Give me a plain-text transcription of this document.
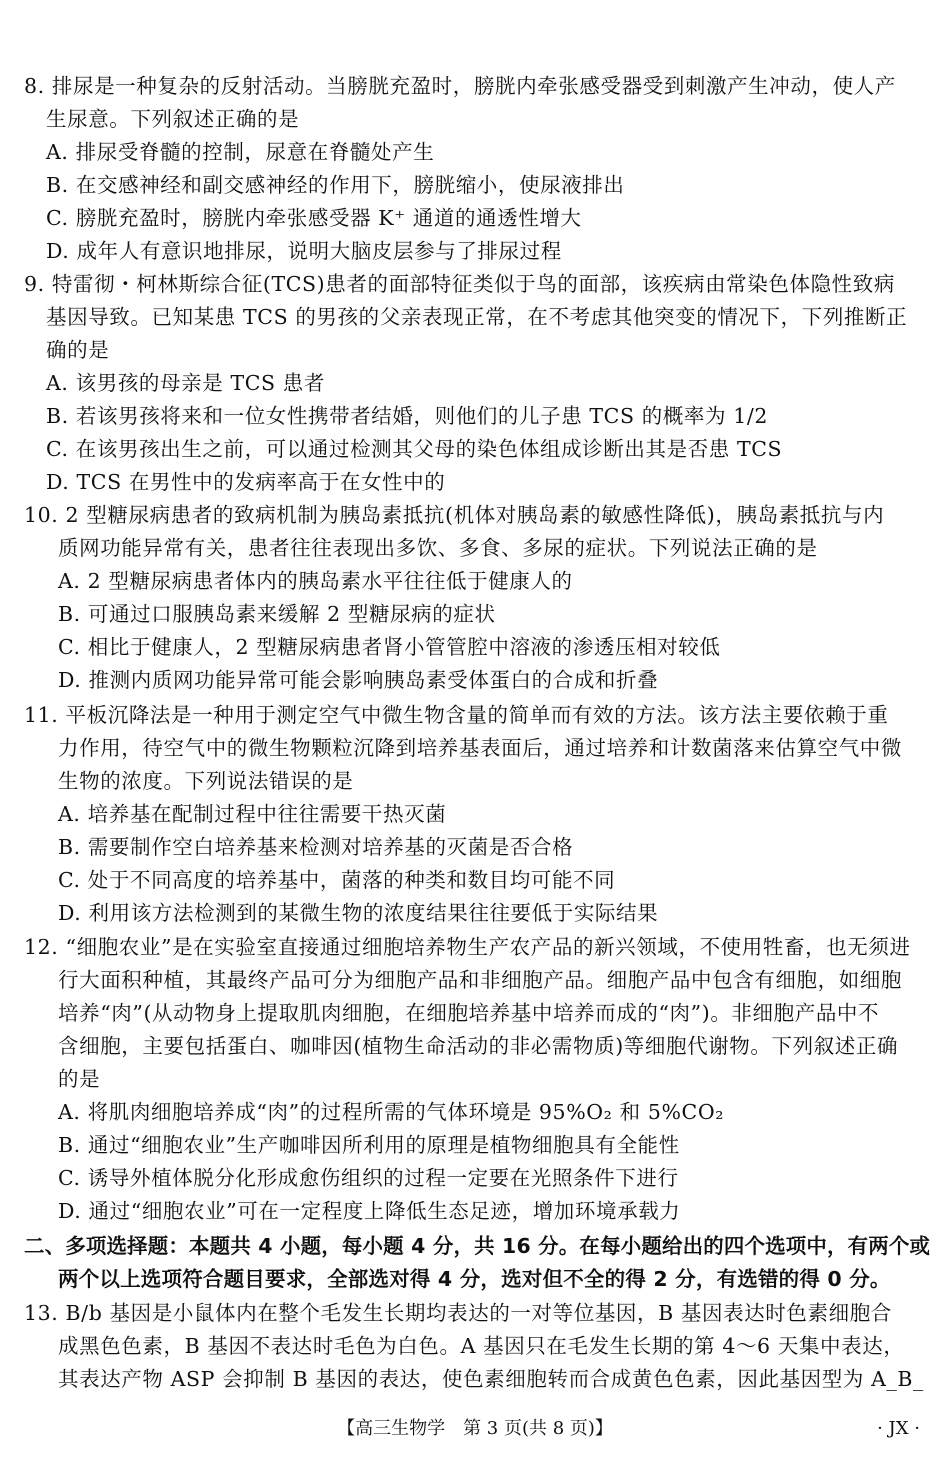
8. 排尿是一种复杂的反射活动。当膀胱充盈时，膀胱内牵张感受器受到刺激产生冲动，使人产
生尿意。下列叙述正确的是
A. 排尿受脊髓的控制，尿意在脊髓处产生
B. 在交感神经和副交感神经的作用下，膀胱缩小，使尿液排出
C. 膀胱充盈时，膀胱内牵张感受器 K⁺ 通道的通透性增大
D. 成年人有意识地排尿，说明大脑皮层参与了排尿过程
9. 特雷彻・柯林斯综合征(TCS)患者的面部特征类似于鸟的面部，该疾病由常染色体隐性致病
基因导致。已知某患 TCS 的男孩的父亲表现正常，在不考虑其他突变的情况下，下列推断正
确的是
A. 该男孩的母亲是 TCS 患者
B. 若该男孩将来和一位女性携带者结婚，则他们的儿子患 TCS 的概率为 1/2
C. 在该男孩出生之前，可以通过检测其父母的染色体组成诊断出其是否患 TCS
D. TCS 在男性中的发病率高于在女性中的
10. 2 型糖尿病患者的致病机制为胰岛素抵抗(机体对胰岛素的敏感性降低)，胰岛素抵抗与内
质网功能异常有关，患者往往表现出多饮、多食、多尿的症状。下列说法正确的是
A. 2 型糖尿病患者体内的胰岛素水平往往低于健康人的
B. 可通过口服胰岛素来缓解 2 型糖尿病的症状
C. 相比于健康人，2 型糖尿病患者肾小管管腔中溶液的渗透压相对较低
D. 推测内质网功能异常可能会影响胰岛素受体蛋白的合成和折叠
11. 平板沉降法是一种用于测定空气中微生物含量的简单而有效的方法。该方法主要依赖于重
力作用，待空气中的微生物颗粒沉降到培养基表面后，通过培养和计数菌落来估算空气中微
生物的浓度。下列说法错误的是
A. 培养基在配制过程中往往需要干热灭菌
B. 需要制作空白培养基来检测对培养基的灭菌是否合格
C. 处于不同高度的培养基中，菌落的种类和数目均可能不同
D. 利用该方法检测到的某微生物的浓度结果往往要低于实际结果
12. “细胞农业”是在实验室直接通过细胞培养物生产农产品的新兴领域，不使用牲畜，也无须进
行大面积种植，其最终产品可分为细胞产品和非细胞产品。细胞产品中包含有细胞，如细胞
培养“肉”(从动物身上提取肌肉细胞，在细胞培养基中培养而成的“肉”)。非细胞产品中不
含细胞，主要包括蛋白、咖啡因(植物生命活动的非必需物质)等细胞代谢物。下列叙述正确
的是
A. 将肌肉细胞培养成“肉”的过程所需的气体环境是 95%O₂ 和 5%CO₂
B. 通过“细胞农业”生产咖啡因所利用的原理是植物细胞具有全能性
C. 诱导外植体脱分化形成愈伤组织的过程一定要在光照条件下进行
D. 通过“细胞农业”可在一定程度上降低生态足迹，增加环境承载力
二、多项选择题：本题共 4 小题，每小题 4 分，共 16 分。在每小题给出的四个选项中，有两个或
两个以上选项符合题目要求，全部选对得 4 分，选对但不全的得 2 分，有选错的得 0 分。
13. B/b 基因是小鼠体内在整个毛发生长期均表达的一对等位基因，B 基因表达时色素细胞合
成黑色色素，B 基因不表达时毛色为白色。A 基因只在毛发生长期的第 4～6 天集中表达，
其表达产物 ASP 会抑制 B 基因的表达，使色素细胞转而合成黄色色素，因此基因型为 A_B_
【高三生物学　第 3 页(共 8 页)】	· JX ·
